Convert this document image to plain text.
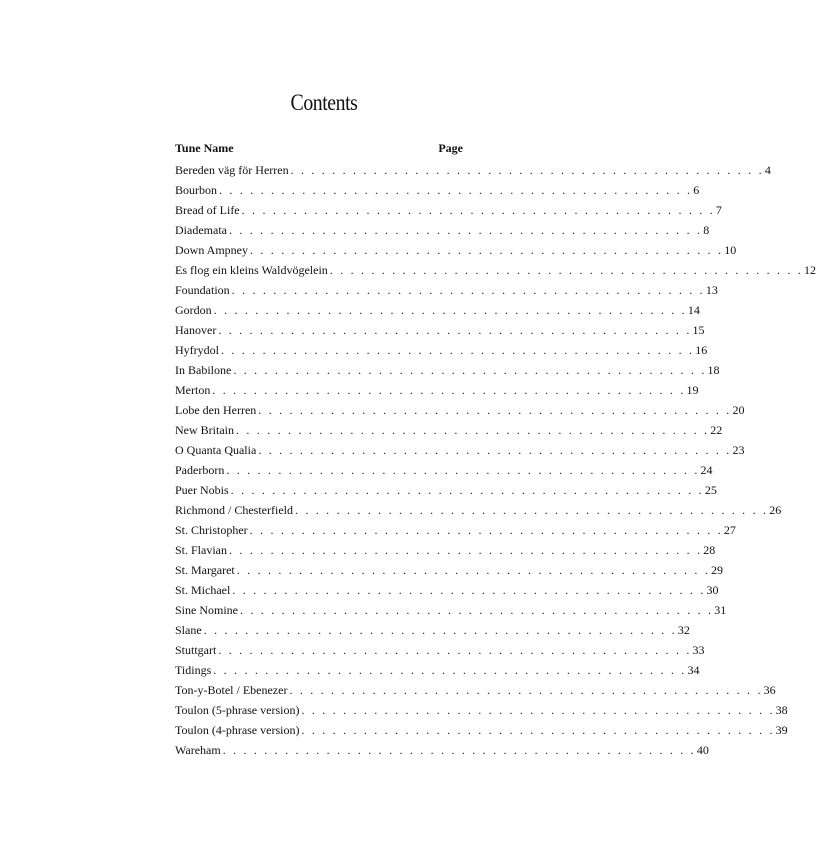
Contents
Tune Name	Page
Bereden väg för Herren . . . . . . . . . . . . . . . . . . . . . . . . . . . . . . . . . . . . . . . . . . . . . . 4
Bourbon . . . . . . . . . . . . . . . . . . . . . . . . . . . . . . . . . . . . . . . . . . . . . . 6
Bread of Life . . . . . . . . . . . . . . . . . . . . . . . . . . . . . . . . . . . . . . . . . . . . . . 7
Diademata . . . . . . . . . . . . . . . . . . . . . . . . . . . . . . . . . . . . . . . . . . . . . . 8
Down Ampney . . . . . . . . . . . . . . . . . . . . . . . . . . . . . . . . . . . . . . . . . . . . . . 10
Es flog ein kleins Waldvögelein . . . . . . . . . . . . . . . . . . . . . . . . . . . . . . . . . . . . . . . . . . . . . . 12
Foundation . . . . . . . . . . . . . . . . . . . . . . . . . . . . . . . . . . . . . . . . . . . . . . 13
Gordon . . . . . . . . . . . . . . . . . . . . . . . . . . . . . . . . . . . . . . . . . . . . . . 14
Hanover . . . . . . . . . . . . . . . . . . . . . . . . . . . . . . . . . . . . . . . . . . . . . . 15
Hyfrydol . . . . . . . . . . . . . . . . . . . . . . . . . . . . . . . . . . . . . . . . . . . . . . 16
In Babilone . . . . . . . . . . . . . . . . . . . . . . . . . . . . . . . . . . . . . . . . . . . . . . 18
Merton . . . . . . . . . . . . . . . . . . . . . . . . . . . . . . . . . . . . . . . . . . . . . . 19
Lobe den Herren . . . . . . . . . . . . . . . . . . . . . . . . . . . . . . . . . . . . . . . . . . . . . . 20
New Britain . . . . . . . . . . . . . . . . . . . . . . . . . . . . . . . . . . . . . . . . . . . . . . 22
O Quanta Qualia . . . . . . . . . . . . . . . . . . . . . . . . . . . . . . . . . . . . . . . . . . . . . . 23
Paderborn . . . . . . . . . . . . . . . . . . . . . . . . . . . . . . . . . . . . . . . . . . . . . . 24
Puer Nobis . . . . . . . . . . . . . . . . . . . . . . . . . . . . . . . . . . . . . . . . . . . . . . 25
Richmond / Chesterfield . . . . . . . . . . . . . . . . . . . . . . . . . . . . . . . . . . . . . . . . . . . . . . 26
St. Christopher . . . . . . . . . . . . . . . . . . . . . . . . . . . . . . . . . . . . . . . . . . . . . . 27
St. Flavian . . . . . . . . . . . . . . . . . . . . . . . . . . . . . . . . . . . . . . . . . . . . . . 28
St. Margaret . . . . . . . . . . . . . . . . . . . . . . . . . . . . . . . . . . . . . . . . . . . . . . 29
St. Michael . . . . . . . . . . . . . . . . . . . . . . . . . . . . . . . . . . . . . . . . . . . . . . 30
Sine Nomine . . . . . . . . . . . . . . . . . . . . . . . . . . . . . . . . . . . . . . . . . . . . . . 31
Slane . . . . . . . . . . . . . . . . . . . . . . . . . . . . . . . . . . . . . . . . . . . . . . 32
Stuttgart . . . . . . . . . . . . . . . . . . . . . . . . . . . . . . . . . . . . . . . . . . . . . . 33
Tidings . . . . . . . . . . . . . . . . . . . . . . . . . . . . . . . . . . . . . . . . . . . . . . 34
Ton-y-Botel / Ebenezer . . . . . . . . . . . . . . . . . . . . . . . . . . . . . . . . . . . . . . . . . . . . . . 36
Toulon (5-phrase version) . . . . . . . . . . . . . . . . . . . . . . . . . . . . . . . . . . . . . . . . . . . . . . 38
Toulon (4-phrase version) . . . . . . . . . . . . . . . . . . . . . . . . . . . . . . . . . . . . . . . . . . . . . . 39
Wareham . . . . . . . . . . . . . . . . . . . . . . . . . . . . . . . . . . . . . . . . . . . . . . 40
